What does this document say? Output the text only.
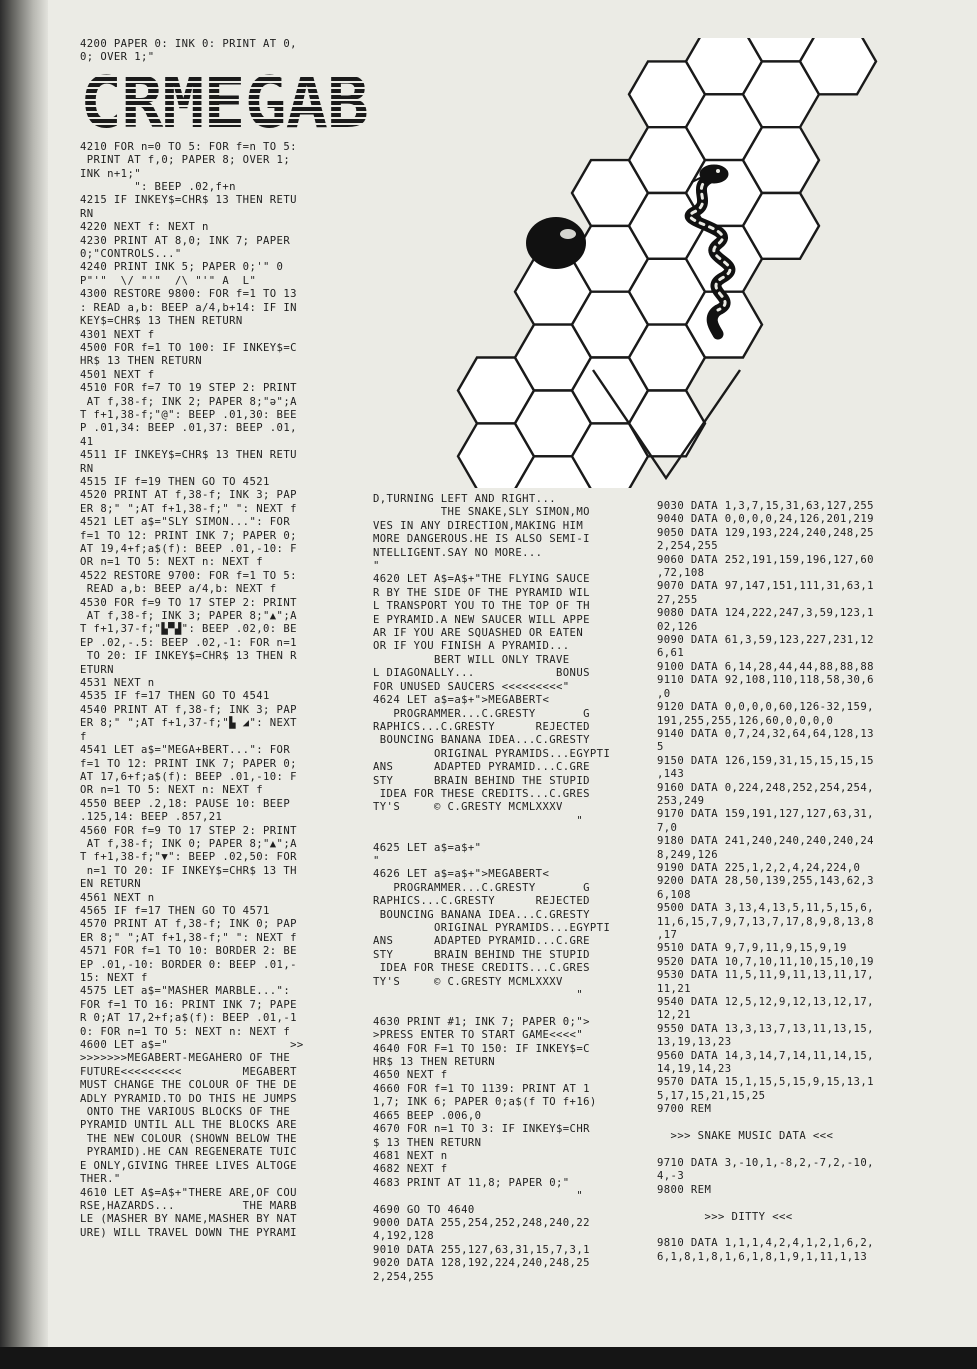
4200 PAPER 0: INK 0: PRINT AT 0,
0; OVER 1;"
CRMEGAB
4210 FOR n=0 TO 5: FOR f=n TO 5:
PRINT AT f,0; PAPER 8; OVER 1;
INK n+1;"
": BEEP .02,f+n
4215 IF INKEY$=CHR$ 13 THEN RETU
RN
4220 NEXT f: NEXT n
4230 PRINT AT 8,0; INK 7; PAPER
0;"CONTROLS..."
4240 PRINT INK 5; PAPER 0;'" 0
P"'"  \/ "'"  /\ "'" A  L"
4300 RESTORE 9800: FOR f=1 TO 13
: READ a,b: BEEP a/4,b+14: IF IN
KEY$=CHR$ 13 THEN RETURN
4301 NEXT f
4500 FOR f=1 TO 100: IF INKEY$=C
HR$ 13 THEN RETURN
4501 NEXT f
4510 FOR f=7 TO 19 STEP 2: PRINT
AT f,38-f; INK 2; PAPER 8;"ə";A
T f+1,38-f;"@": BEEP .01,30: BEE
P .01,34: BEEP .01,37: BEEP .01,
41
4511 IF INKEY$=CHR$ 13 THEN RETU
RN
4515 IF f=19 THEN GO TO 4521
4520 PRINT AT f,38-f; INK 3; PAP
ER 8;" ";AT f+1,38-f;" ": NEXT f
4521 LET a$="SLY SIMON...": FOR
f=1 TO 12: PRINT INK 7; PAPER 0;
AT 19,4+f;a$(f): BEEP .01,-10: F
OR n=1 TO 5: NEXT n: NEXT f
4522 RESTORE 9700: FOR f=1 TO 5:
READ a,b: BEEP a/4,b: NEXT f
4530 FOR f=9 TO 17 STEP 2: PRINT
AT f,38-f; INK 3; PAPER 8;"▲";A
T f+1,37-f;"▙▀▟": BEEP .02,0: BE
EP .02,-.5: BEEP .02,-1: FOR n=1
TO 20: IF INKEY$=CHR$ 13 THEN R
ETURN
4531 NEXT n
4535 IF f=17 THEN GO TO 4541
4540 PRINT AT f,38-f; INK 3; PAP
ER 8;" ";AT f+1,37-f;"▙ ◢": NEXT
f
4541 LET a$="MEGA+BERT...": FOR
f=1 TO 12: PRINT INK 7; PAPER 0;
AT 17,6+f;a$(f): BEEP .01,-10: F
OR n=1 TO 5: NEXT n: NEXT f
4550 BEEP .2,18: PAUSE 10: BEEP
.125,14: BEEP .857,21
4560 FOR f=9 TO 17 STEP 2: PRINT
AT f,38-f; INK 0; PAPER 8;"▲";A
T f+1,38-f;"▼": BEEP .02,50: FOR
n=1 TO 20: IF INKEY$=CHR$ 13 TH
EN RETURN
4561 NEXT n
4565 IF f=17 THEN GO TO 4571
4570 PRINT AT f,38-f; INK 0; PAP
ER 8;" ";AT f+1,38-f;" ": NEXT f
4571 FOR f=1 TO 10: BORDER 2: BE
EP .01,-10: BORDER 0: BEEP .01,-
15: NEXT f
4575 LET a$="MASHER MARBLE...":
FOR f=1 TO 16: PRINT INK 7; PAPE
R 0;AT 17,2+f;a$(f): BEEP .01,-1
0: FOR n=1 TO 5: NEXT n: NEXT f
4600 LET a$="                  >>
>>>>>>>MEGABERT-MEGAHERO OF THE
FUTURE<<<<<<<<<         MEGABERT
MUST CHANGE THE COLOUR OF THE DE
ADLY PYRAMID.TO DO THIS HE JUMPS
ONTO THE VARIOUS BLOCKS OF THE
PYRAMID UNTIL ALL THE BLOCKS ARE
THE NEW COLOUR (SHOWN BELOW THE
PYRAMID).HE CAN REGENERATE TUIC
E ONLY,GIVING THREE LIVES ALTOGE
THER."
4610 LET A$=A$+"THERE ARE,OF COU
RSE,HAZARDS...          THE MARB
LE (MASHER BY NAME,MASHER BY NAT
URE) WILL TRAVEL DOWN THE PYRAMI
D,TURNING LEFT AND RIGHT...
THE SNAKE,SLY SIMON,MO
VES IN ANY DIRECTION,MAKING HIM
MORE DANGEROUS.HE IS ALSO SEMI-I
NTELLIGENT.SAY NO MORE...
"
4620 LET A$=A$+"THE FLYING SAUCE
R BY THE SIDE OF THE PYRAMID WIL
L TRANSPORT YOU TO THE TOP OF TH
E PYRAMID.A NEW SAUCER WILL APPE
AR IF YOU ARE SQUASHED OR EATEN
OR IF YOU FINISH A PYRAMID...
BERT WILL ONLY TRAVE
L DIAGONALLY...            BONUS
FOR UNUSED SAUCERS <<<<<<<<<"
4624 LET a$=a$+">MEGABERT<
PROGRAMMER...C.GRESTY       G
RAPHICS...C.GRESTY      REJECTED
BOUNCING BANANA IDEA...C.GRESTY
ORIGINAL PYRAMIDS...EGYPTI
ANS      ADAPTED PYRAMID...C.GRE
STY      BRAIN BEHIND THE STUPID
IDEA FOR THESE CREDITS...C.GRES
TY'S     © C.GRESTY MCMLXXXV
"

4625 LET a$=a$+"
"
4626 LET a$=a$+">MEGABERT<
PROGRAMMER...C.GRESTY       G
RAPHICS...C.GRESTY      REJECTED
BOUNCING BANANA IDEA...C.GRESTY
ORIGINAL PYRAMIDS...EGYPTI
ANS      ADAPTED PYRAMID...C.GRE
STY      BRAIN BEHIND THE STUPID
IDEA FOR THESE CREDITS...C.GRES
TY'S     © C.GRESTY MCMLXXXV
"

4630 PRINT #1; INK 7; PAPER 0;">
>PRESS ENTER TO START GAME<<<<"
4640 FOR F=1 TO 150: IF INKEY$=C
HR$ 13 THEN RETURN
4650 NEXT f
4660 FOR f=1 TO 1139: PRINT AT 1
1,7; INK 6; PAPER 0;a$(f TO f+16)
4665 BEEP .006,0
4670 FOR n=1 TO 3: IF INKEY$=CHR
$ 13 THEN RETURN
4681 NEXT n
4682 NEXT f
4683 PRINT AT 11,8; PAPER 0;"
"
4690 GO TO 4640
9000 DATA 255,254,252,248,240,22
4,192,128
9010 DATA 255,127,63,31,15,7,3,1
9020 DATA 128,192,224,240,248,25
2,254,255
9030 DATA 1,3,7,15,31,63,127,255
9040 DATA 0,0,0,0,24,126,201,219
9050 DATA 129,193,224,240,248,25
2,254,255
9060 DATA 252,191,159,196,127,60
,72,108
9070 DATA 97,147,151,111,31,63,1
27,255
9080 DATA 124,222,247,3,59,123,1
02,126
9090 DATA 61,3,59,123,227,231,12
6,61
9100 DATA 6,14,28,44,44,88,88,88
9110 DATA 92,108,110,118,58,30,6
,0
9120 DATA 0,0,0,0,60,126-32,159,
191,255,255,126,60,0,0,0,0
9140 DATA 0,7,24,32,64,64,128,13
5
9150 DATA 126,159,31,15,15,15,15
,143
9160 DATA 0,224,248,252,254,254,
253,249
9170 DATA 159,191,127,127,63,31,
7,0
9180 DATA 241,240,240,240,240,24
8,249,126
9190 DATA 225,1,2,2,4,24,224,0
9200 DATA 28,50,139,255,143,62,3
6,108
9500 DATA 3,13,4,13,5,11,5,15,6,
11,6,15,7,9,7,13,7,17,8,9,8,13,8
,17
9510 DATA 9,7,9,11,9,15,9,19
9520 DATA 10,7,10,11,10,15,10,19
9530 DATA 11,5,11,9,11,13,11,17,
11,21
9540 DATA 12,5,12,9,12,13,12,17,
12,21
9550 DATA 13,3,13,7,13,11,13,15,
13,19,13,23
9560 DATA 14,3,14,7,14,11,14,15,
14,19,14,23
9570 DATA 15,1,15,5,15,9,15,13,1
5,17,15,21,15,25
9700 REM

>>> SNAKE MUSIC DATA <<<

9710 DATA 3,-10,1,-8,2,-7,2,-10,
4,-3
9800 REM

>>> DITTY <<<

9810 DATA 1,1,1,4,2,4,1,2,1,6,2,
6,1,8,1,8,1,6,1,8,1,9,1,11,1,13
